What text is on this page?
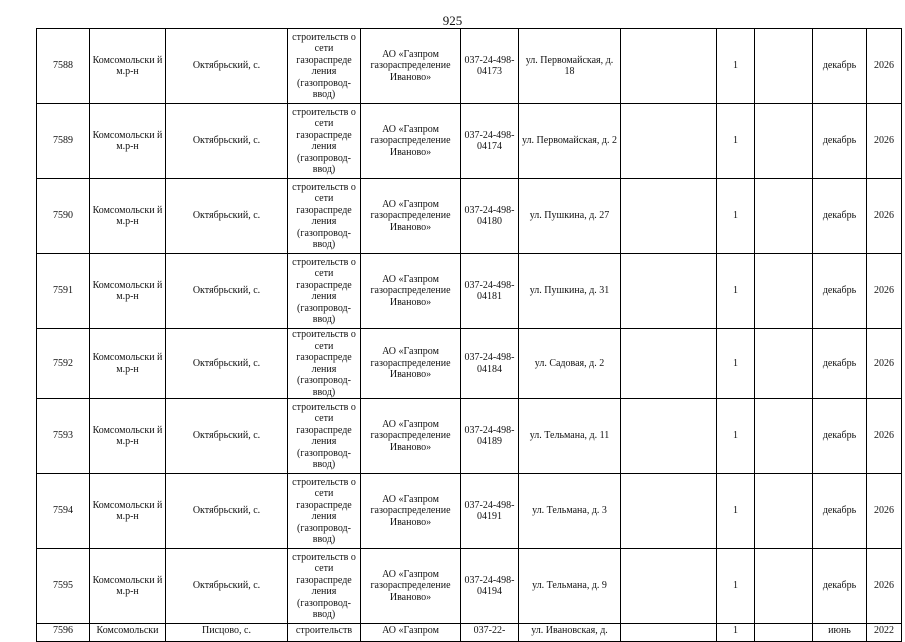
925
7588	Комсомольски й м.р-н	Октябрьский, с.	строительств о сети газораспреде ления (газопровод-ввод)	АО «Газпром газораспределение Иваново»	037-24-498-04173	ул. Первомайская, д. 18		1		декабрь	2026
7589	Комсомольски й м.р-н	Октябрьский, с.	строительств о сети газораспреде ления (газопровод-ввод)	АО «Газпром газораспределение Иваново»	037-24-498-04174	ул. Первомайская, д. 2		1		декабрь	2026
7590	Комсомольски й м.р-н	Октябрьский, с.	строительств о сети газораспреде ления (газопровод-ввод)	АО «Газпром газораспределение Иваново»	037-24-498-04180	ул. Пушкина, д. 27		1		декабрь	2026
7591	Комсомольски й м.р-н	Октябрьский, с.	строительств о сети газораспреде ления (газопровод-ввод)	АО «Газпром газораспределение Иваново»	037-24-498-04181	ул. Пушкина, д. 31		1		декабрь	2026
7592	Комсомольски й м.р-н	Октябрьский, с.	строительств о сети газораспреде ления (газопровод-ввод)	АО «Газпром газораспределение Иваново»	037-24-498-04184	ул. Садовая, д. 2		1		декабрь	2026
7593	Комсомольски й м.р-н	Октябрьский, с.	строительств о сети газораспреде ления (газопровод-ввод)	АО «Газпром газораспределение Иваново»	037-24-498-04189	ул. Тельмана, д. 11		1		декабрь	2026
7594	Комсомольски й м.р-н	Октябрьский, с.	строительств о сети газораспреде ления (газопровод-ввод)	АО «Газпром газораспределение Иваново»	037-24-498-04191	ул. Тельмана, д. 3		1		декабрь	2026
7595	Комсомольски й м.р-н	Октябрьский, с.	строительств о сети газораспреде ления (газопровод-ввод)	АО «Газпром газораспределение Иваново»	037-24-498-04194	ул. Тельмана, д. 9		1		декабрь	2026
7596	Комсомольски	Писцово, с.	строительств	АО «Газпром	037-22-	ул. Ивановская, д.		1		июнь	2022
